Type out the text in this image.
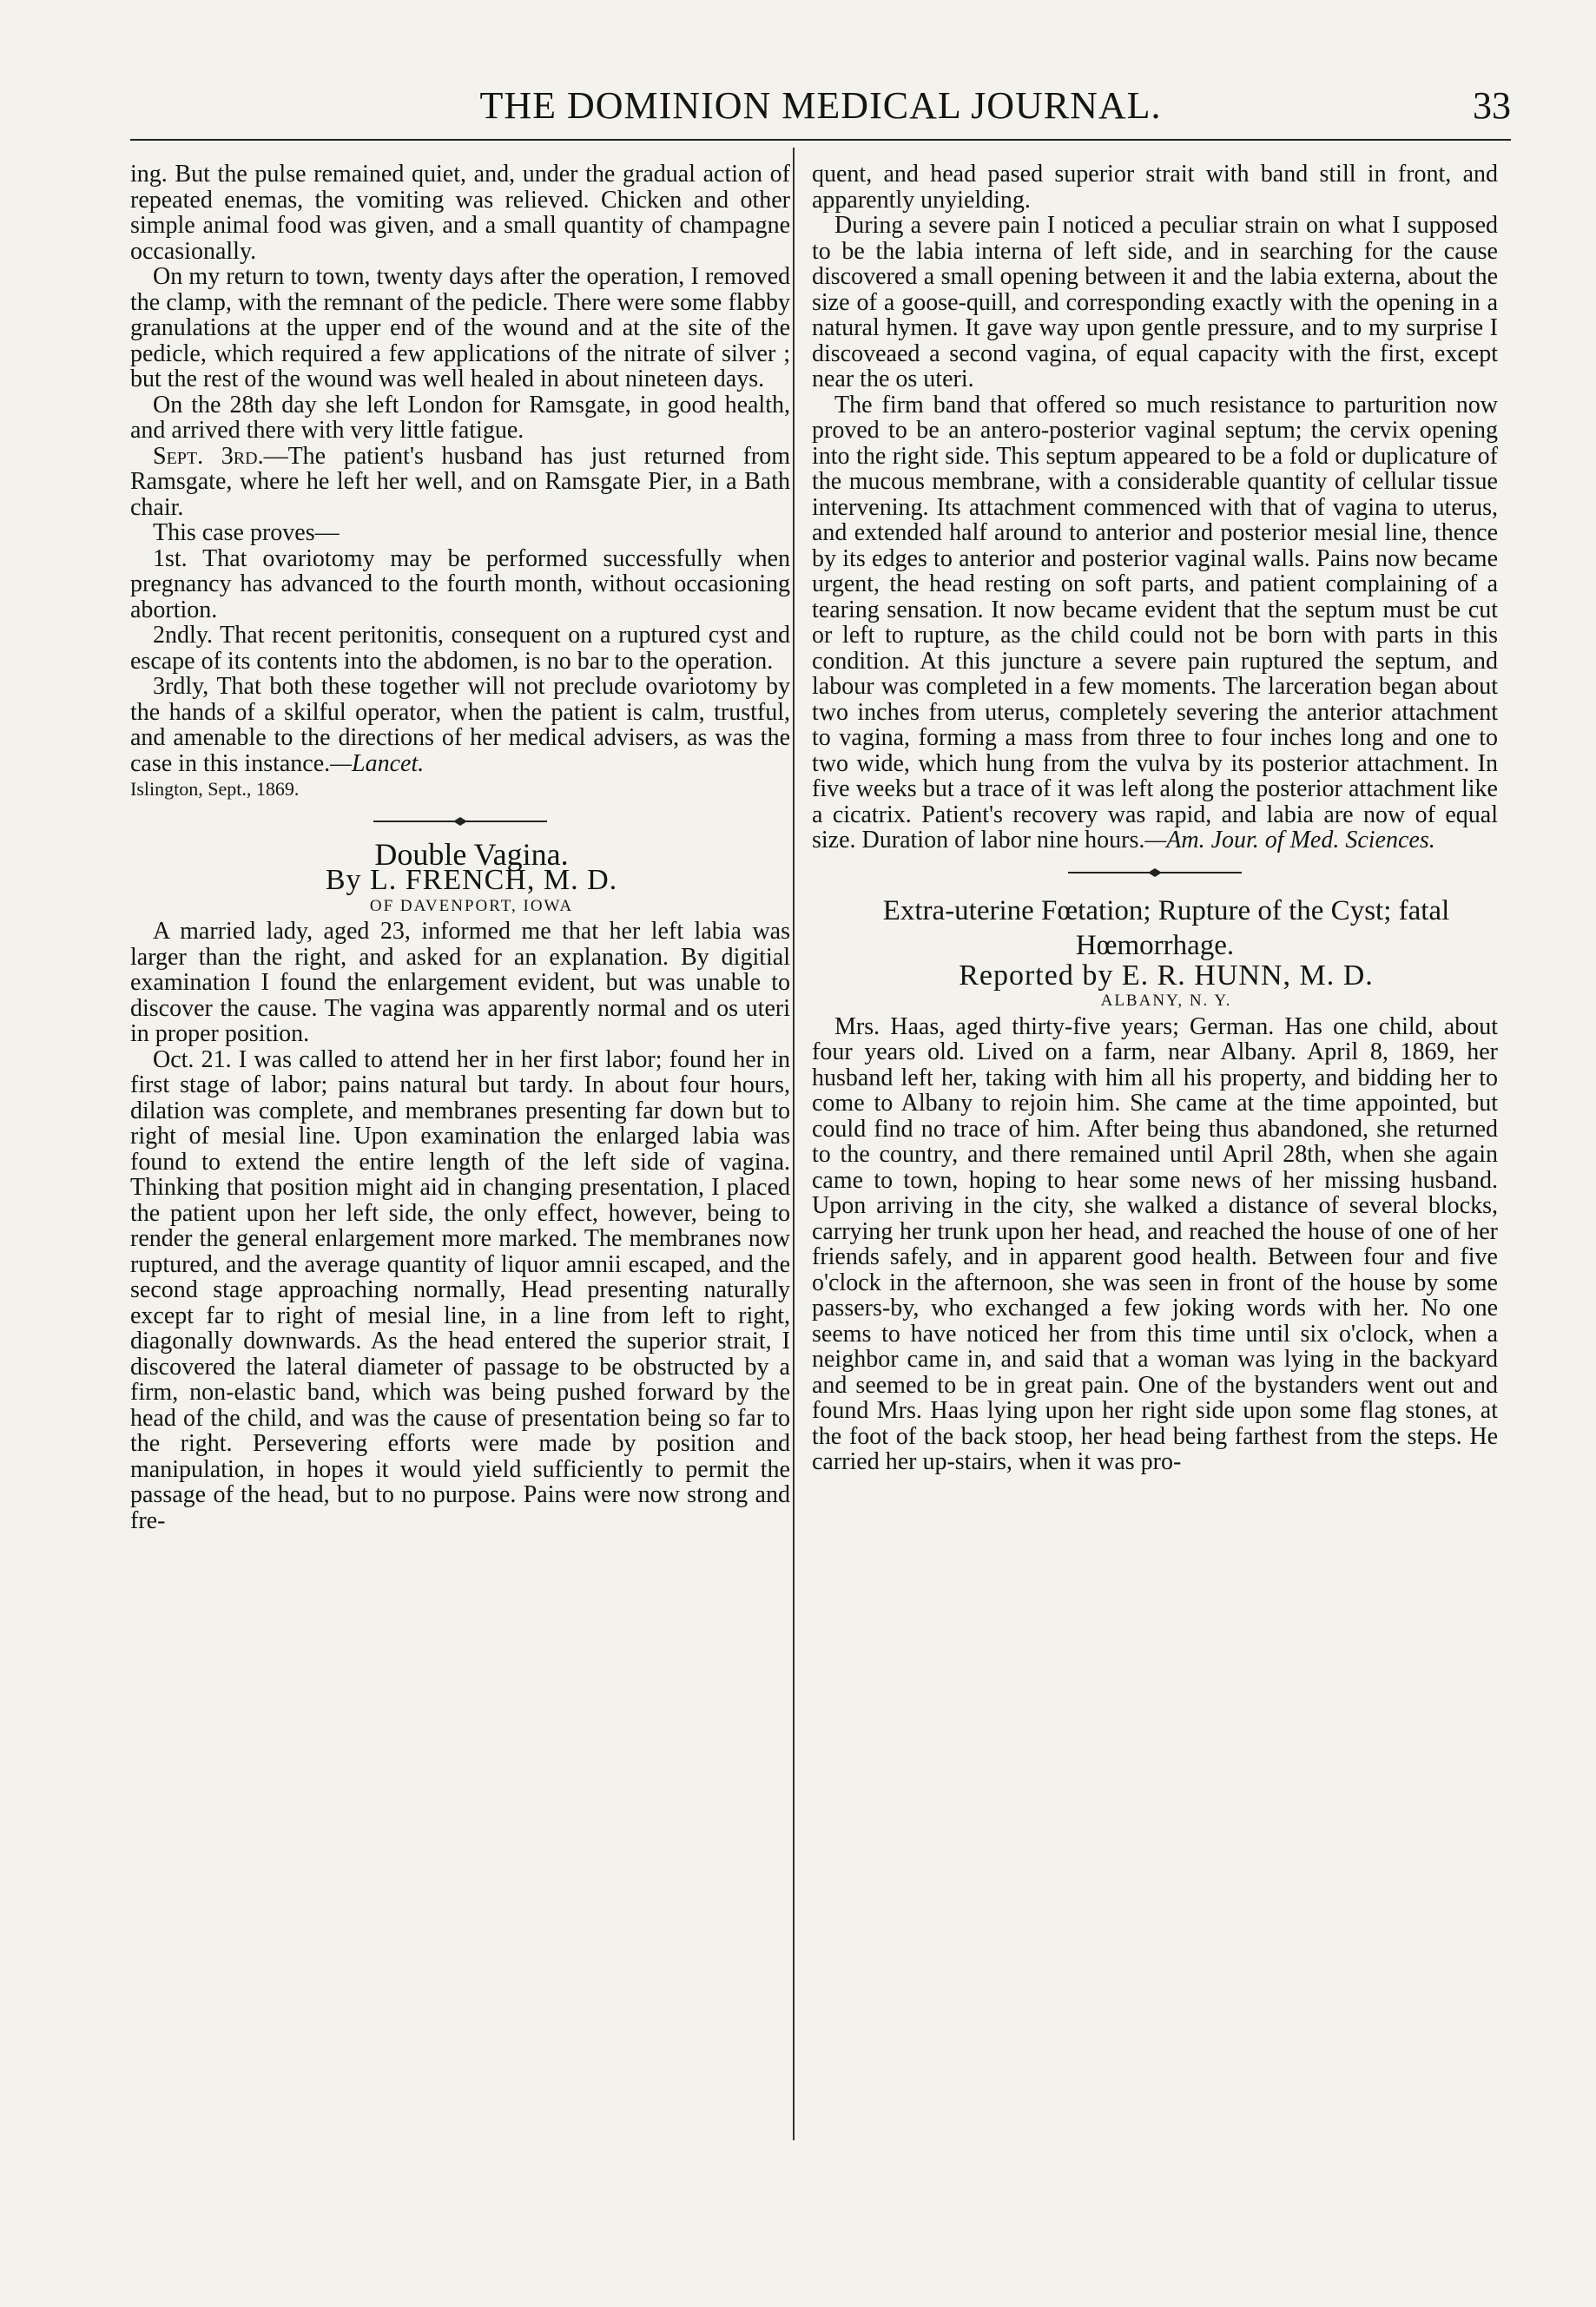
THE DOMINION MEDICAL JOURNAL.	33

ing. But the pulse remained quiet, and, under the gradual action of repeated enemas, the vomiting was relieved. Chicken and other simple animal food was given, and a small quantity of champagne occasionally.

On my return to town, twenty days after the operation, I removed the clamp, with the remnant of the pedicle. There were some flabby granulations at the upper end of the wound and at the site of the pedicle, which required a few applications of the nitrate of silver ; but the rest of the wound was well healed in about nineteen days.

On the 28th day she left London for Ramsgate, in good health, and arrived there with very little fatigue.

Sept. 3rd.—The patient's husband has just returned from Ramsgate, where he left her well, and on Ramsgate Pier, in a Bath chair.

This case proves—

1st. That ovariotomy may be performed successfully when pregnancy has advanced to the fourth month, without occasioning abortion.

2ndly. That recent peritonitis, consequent on a ruptured cyst and escape of its contents into the abdomen, is no bar to the operation.

3rdly, That both these together will not preclude ovariotomy by the hands of a skilful operator, when the patient is calm, trustful, and amenable to the directions of her medical advisers, as was the case in this instance.—Lancet.

Islington, Sept., 1869.

Double Vagina.

By L. FRENCH, M. D.

OF DAVENPORT, IOWA

A married lady, aged 23, informed me that her left labia was larger than the right, and asked for an explanation. By digitial examination I found the enlargement evident, but was unable to discover the cause. The vagina was apparently normal and os uteri in proper position.

Oct. 21. I was called to attend her in her first labor; found her in first stage of labor; pains natural but tardy. In about four hours, dilation was complete, and membranes presenting far down but to right of mesial line. Upon examination the enlarged labia was found to extend the entire length of the left side of vagina. Thinking that position might aid in changing presentation, I placed the patient upon her left side, the only effect, however, being to render the general enlargement more marked. The membranes now ruptured, and the average quantity of liquor amnii escaped, and the second stage approaching normally, Head presenting naturally except far to right of mesial line, in a line from left to right, diagonally downwards. As the head entered the superior strait, I discovered the lateral diameter of passage to be obstructed by a firm, non-elastic band, which was being pushed forward by the head of the child, and was the cause of presentation being so far to the right. Persevering efforts were made by position and manipulation, in hopes it would yield sufficiently to permit the passage of the head, but to no purpose. Pains were now strong and fre-

quent, and head pased superior strait with band still in front, and apparently unyielding.

During a severe pain I noticed a peculiar strain on what I supposed to be the labia interna of left side, and in searching for the cause discovered a small opening between it and the labia externa, about the size of a goose-quill, and corresponding exactly with the opening in a natural hymen. It gave way upon gentle pressure, and to my surprise I discoveaed a second vagina, of equal capacity with the first, except near the os uteri.

The firm band that offered so much resistance to parturition now proved to be an antero-posterior vaginal septum; the cervix opening into the right side. This septum appeared to be a fold or duplicature of the mucous membrane, with a considerable quantity of cellular tissue intervening. Its attachment commenced with that of vagina to uterus, and extended half around to anterior and posterior mesial line, thence by its edges to anterior and posterior vaginal walls. Pains now became urgent, the head resting on soft parts, and patient complaining of a tearing sensation. It now became evident that the septum must be cut or left to rupture, as the child could not be born with parts in this condition. At this juncture a severe pain ruptured the septum, and labour was completed in a few moments. The larceration began about two inches from uterus, completely severing the anterior attachment to vagina, forming a mass from three to four inches long and one to two wide, which hung from the vulva by its posterior attachment. In five weeks but a trace of it was left along the posterior attachment like a cicatrix. Patient's recovery was rapid, and labia are now of equal size. Duration of labor nine hours.—Am. Jour. of Med. Sciences.

Extra-uterine Fœtation; Rupture of the Cyst; fatal
Hœmorrhage.

Reported by E. R. HUNN, M. D.

ALBANY, N. Y.

Mrs. Haas, aged thirty-five years; German. Has one child, about four years old. Lived on a farm, near Albany. April 8, 1869, her husband left her, taking with him all his property, and bidding her to come to Albany to rejoin him. She came at the time appointed, but could find no trace of him. After being thus abandoned, she returned to the country, and there remained until April 28th, when she again came to town, hoping to hear some news of her missing husband. Upon arriving in the city, she walked a distance of several blocks, carrying her trunk upon her head, and reached the house of one of her friends safely, and in apparent good health. Between four and five o'clock in the afternoon, she was seen in front of the house by some passers-by, who exchanged a few joking words with her. No one seems to have noticed her from this time until six o'clock, when a neighbor came in, and said that a woman was lying in the backyard and seemed to be in great pain. One of the bystanders went out and found Mrs. Haas lying upon her right side upon some flag stones, at the foot of the back stoop, her head being farthest from the steps. He carried her up-stairs, when it was pro-
